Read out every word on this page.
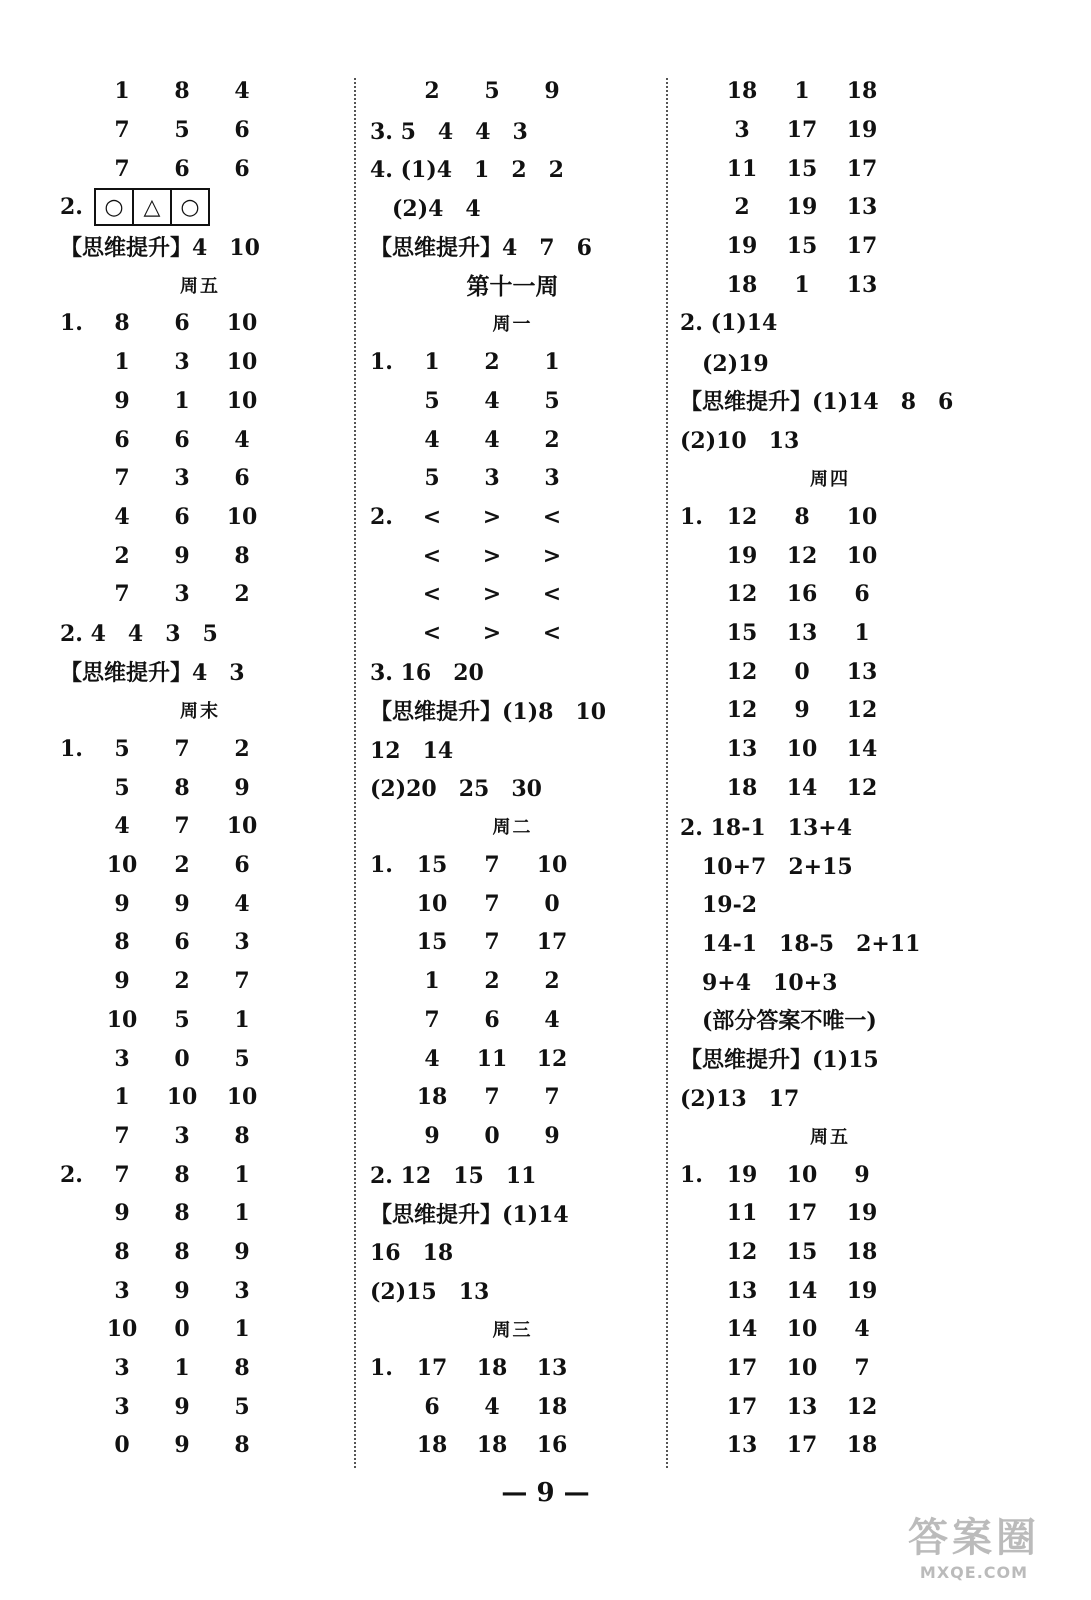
1	8	4
7	5	6
7	6	6
2. ○ △ ○
【思维提升】4　10
周五
1.	8	6	10
1	3	10
9	1	10
6	6	4
7	3	6
4	6	10
2	9	8
7	3	2
2. 4　4　3　5
【思维提升】4　3
周末
1.	5	7	2
5	8	9
4	7	10
10	2	6
9	9	4
8	6	3
9	2	7
10	5	1
3	0	5
1	10	10
7	3	8
2.	7	8	1
9	8	1
8	8	9
3	9	3
10	0	1
3	1	8
3	9	5
0	9	8
2	5	9
3. 5　4　4　3
4. (1)4　1　2　2
　(2)4　4
【思维提升】4　7　6
第十一周
周一
1.	1	2	1
5	4	5
4	4	2
5	3	3
2.	<	>	<
<	>	>
<	>	<
<	>	<
3. 16　20
【思维提升】(1)8　10
12　14
(2)20　25　30
周二
1.	15	7	10
10	7	0
15	7	17
1	2	2
7	6	4
4	11	12
18	7	7
9	0	9
2. 12　15　11
【思维提升】(1)14
16　18
(2)15　13
周三
1.	17	18	13
6	4	18
18	18	16
18	1	18
3	17	19
11	15	17
2	19	13
19	15	17
18	1	13
2. (1)14
　(2)19
【思维提升】(1)14　8　6
(2)10　13
周四
1.	12	8	10
19	12	10
12	16	6
15	13	1
12	0	13
12	9	12
13	10	14
18	14	12
2. 18-1　13+4
　10+7　2+15
　19-2
　14-1　18-5　2+11
　9+4　10+3
　(部分答案不唯一)
【思维提升】(1)15
(2)13　17
周五
1.	19	10	9
11	17	19
12	15	18
13	14	19
14	10	4
17	10	7
17	13	12
13	17	18
— 9 —
答案圈
MXQE.COM
